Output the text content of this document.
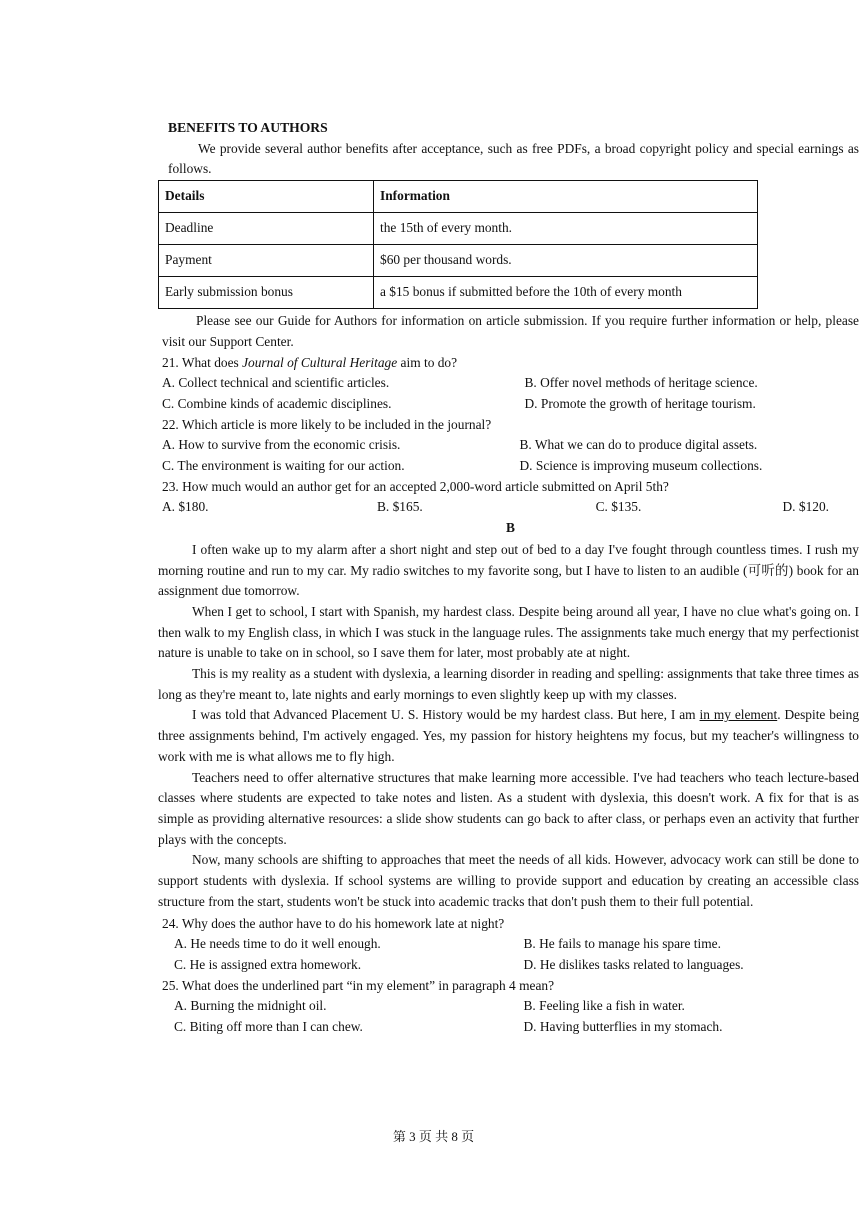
BENEFITS TO AUTHORS

We provide several author benefits after acceptance, such as free PDFs, a broad copyright policy and special earnings as follows.

Details	Information
Deadline	the 15th of every month.
Payment	$60 per thousand words.
Early submission bonus	a $15 bonus if submitted before the 10th of every month

Please see our Guide for Authors for information on article submission. If you require further information or help, please visit our Support Center.

21. What does Journal of Cultural Heritage aim to do?

A. Collect technical and scientific articles.	B. Offer novel methods of heritage science.
C. Combine kinds of academic disciplines.	D. Promote the growth of heritage tourism.

22. Which article is more likely to be included in the journal?

A. How to survive from the economic crisis.	B. What we can do to produce digital assets.
C. The environment is waiting for our action.	D. Science is improving museum collections.

23. How much would an author get for an accepted 2,000-word article submitted on April 5th?

A. $180.	B. $165.	C. $135.	D. $120.

B

I often wake up to my alarm after a short night and step out of bed to a day I've fought through countless times. I rush my morning routine and run to my car. My radio switches to my favorite song, but I have to listen to an audible (可听的) book for an assignment due tomorrow.

When I get to school, I start with Spanish, my hardest class. Despite being around all year, I have no clue what's going on. I then walk to my English class, in which I was stuck in the language rules. The assignments take much energy that my perfectionist nature is unable to take on in school, so I save them for later, most probably ate at night.

This is my reality as a student with dyslexia, a learning disorder in reading and spelling: assignments that take three times as long as they're meant to, late nights and early mornings to even slightly keep up with my classes.

I was told that Advanced Placement U. S. History would be my hardest class. But here, I am in my element. Despite being three assignments behind, I'm actively engaged. Yes, my passion for history heightens my focus, but my teacher's willingness to work with me is what allows me to fly high.

Teachers need to offer alternative structures that make learning more accessible. I've had teachers who teach lecture-based classes where students are expected to take notes and listen. As a student with dyslexia, this doesn't work. A fix for that is as simple as providing alternative resources: a slide show students can go back to after class, or perhaps even an activity that further plays with the concepts.

Now, many schools are shifting to approaches that meet the needs of all kids. However, advocacy work can still be done to support students with dyslexia. If school systems are willing to provide support and education by creating an accessible class structure from the start, students won't be stuck into academic tracks that don't push them to their full potential.

24. Why does the author have to do his homework late at night?

A. He needs time to do it well enough.	B. He fails to manage his spare time.
C. He is assigned extra homework.	D. He dislikes tasks related to languages.

25. What does the underlined part “in my element” in paragraph 4 mean?

A. Burning the midnight oil.	B. Feeling like a fish in water.
C. Biting off more than I can chew.	D. Having butterflies in my stomach.
第 3 页 共 8 页
